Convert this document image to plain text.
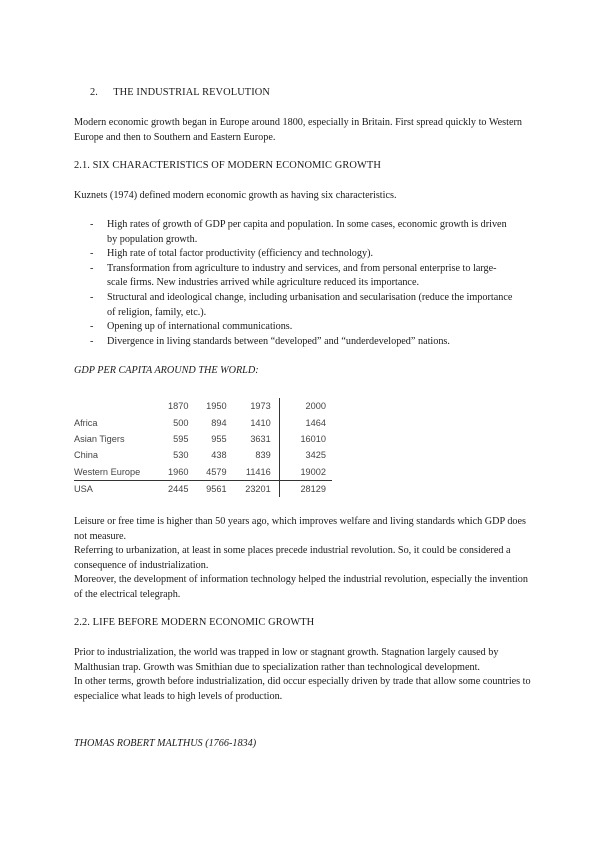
2. THE INDUSTRIAL REVOLUTION

Modern economic growth began in Europe around 1800, especially in Britain. First spread quickly to Western Europe and then to Southern and Eastern Europe.

2.1. SIX CHARACTERISTICS OF MODERN ECONOMIC GROWTH

Kuznets (1974) defined modern economic growth as having six characteristics.

- High rates of growth of GDP per capita and population. In some cases, economic growth is driven by population growth.
- High rate of total factor productivity (efficiency and technology).
- Transformation from agriculture to industry and services, and from personal enterprise to large-scale firms. New industries arrived while agriculture reduced its importance.
- Structural and ideological change, including urbanisation and secularisation (reduce the importance of religion, family, etc.).
- Opening up of international communications.
- Divergence in living standards between “developed” and “underdeveloped” nations.
GDP PER CAPITA AROUND THE WORLD:
	1870	1950	1973	2000
Africa	500	894	1410	1464
Asian Tigers	595	955	3631	16010
China	530	438	839	3425
Western Europe	1960	4579	11416	19002
USA	2445	9561	23201	28129

Leisure or free time is higher than 50 years ago, which improves welfare and living standards which GDP does not measure.

Referring to urbanization, at least in some places precede industrial revolution. So, it could be considered a consequence of industrialization.

Moreover, the development of information technology helped the industrial revolution, especially the invention of the electrical telegraph.

2.2. LIFE BEFORE MODERN ECONOMIC GROWTH

Prior to industrialization, the world was trapped in low or stagnant growth. Stagnation largely caused by Malthusian trap. Growth was Smithian due to specialization rather than technological development.

In other terms, growth before industrialization, did occur especially driven by trade that allow some countries to especialice what leads to high levels of production.

THOMAS ROBERT MALTHUS (1766-1834)
